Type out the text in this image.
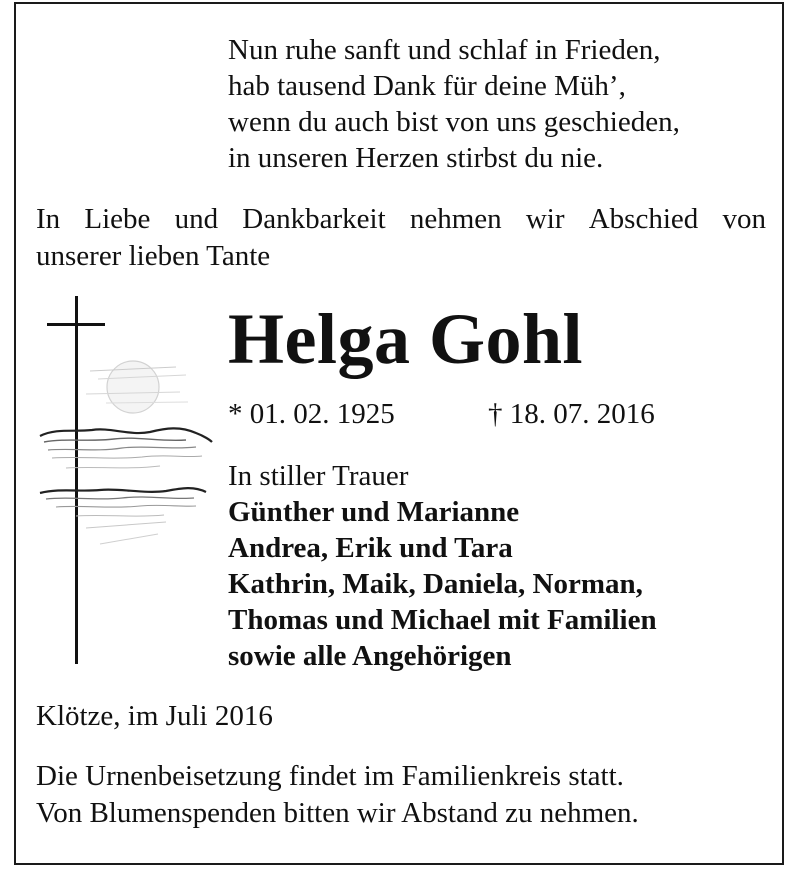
Nun ruhe sanft und schlaf in Frieden,
hab tausend Dank für deine Müh’,
wenn du auch bist von uns geschieden,
in unseren Herzen stirbst du nie.
In Liebe und Dankbarkeit nehmen wir Abschied von
unserer lieben Tante
Helga Gohl
* 01. 02. 1925	† 18. 07. 2016
In stiller Trauer
Günther und Marianne
Andrea, Erik und Tara
Kathrin, Maik, Daniela, Norman,
Thomas und Michael mit Familien
sowie alle Angehörigen
Klötze, im Juli 2016
Die Urnenbeisetzung findet im Familienkreis statt.
Von Blumenspenden bitten wir Abstand zu nehmen.
